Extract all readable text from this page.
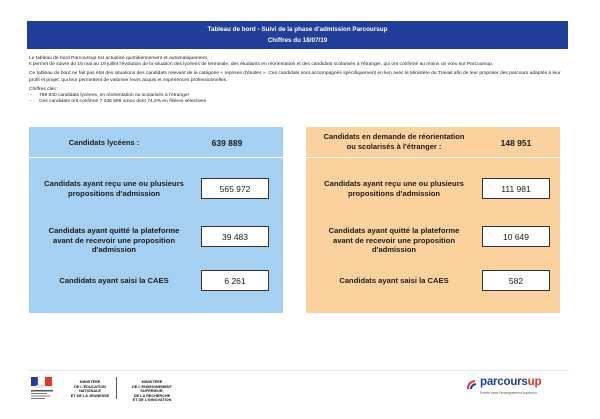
Tableau de bord - Suivi de la phase d'admission Parcoursup
Chiffres du 18/07/19

Le tableau de bord Parcoursup est actualisé quotidiennement et automatiquement.
Il permet de suivre du 15 mai au 19 juillet l'évolution de la situation des lycéens de terminale, des étudiants en réorientation et des candidats scolarisés à l'étranger, qui ont confirmé au moins un vœu sur Parcoursup.

Ce tableau de bord ne fait pas état des situations des candidats relevant de la catégorie « reprises d'études ». Ces candidats sont accompagnés spécifiquement en lien avec le Ministère du Travail afin de leur proposer des parcours adaptés à leur profil et projet, qui leur permettent de valoriser leurs acquis et expériences professionnelles.

Chiffres clés :
- 789 840 candidats lycéens, en réorientation ou scolarisés à l'étranger
- Ces candidats ont confirmé 7 436 669 vœux dont 74,2% en filières sélectives
Candidats lycéens :	639 889
Candidats ayant reçu une ou plusieurs
propositions d'admission	565 972
Candidats ayant quitté la plateforme
avant de recevoir une proposition
d'admission
39 483
Candidats ayant saisi la CAES	6 261
Candidats en demande de réorientation
ou scolarisés à l'étranger :	148 951
Candidats ayant reçu une ou plusieurs
propositions d'admission	111 981
Candidats ayant quitté la plateforme
avant de recevoir une proposition
d'admission
10 649
Candidats ayant saisi la CAES	582
MINISTÈRE
DE L'ÉDUCATION
NATIONALE
ET DE LA JEUNESSE
MINISTÈRE
DE L'ENSEIGNEMENT SUPÉRIEUR,
DE LA RECHERCHE
ET DE L'INNOVATION
parcoursup
Entrée dans l'enseignement supérieur
